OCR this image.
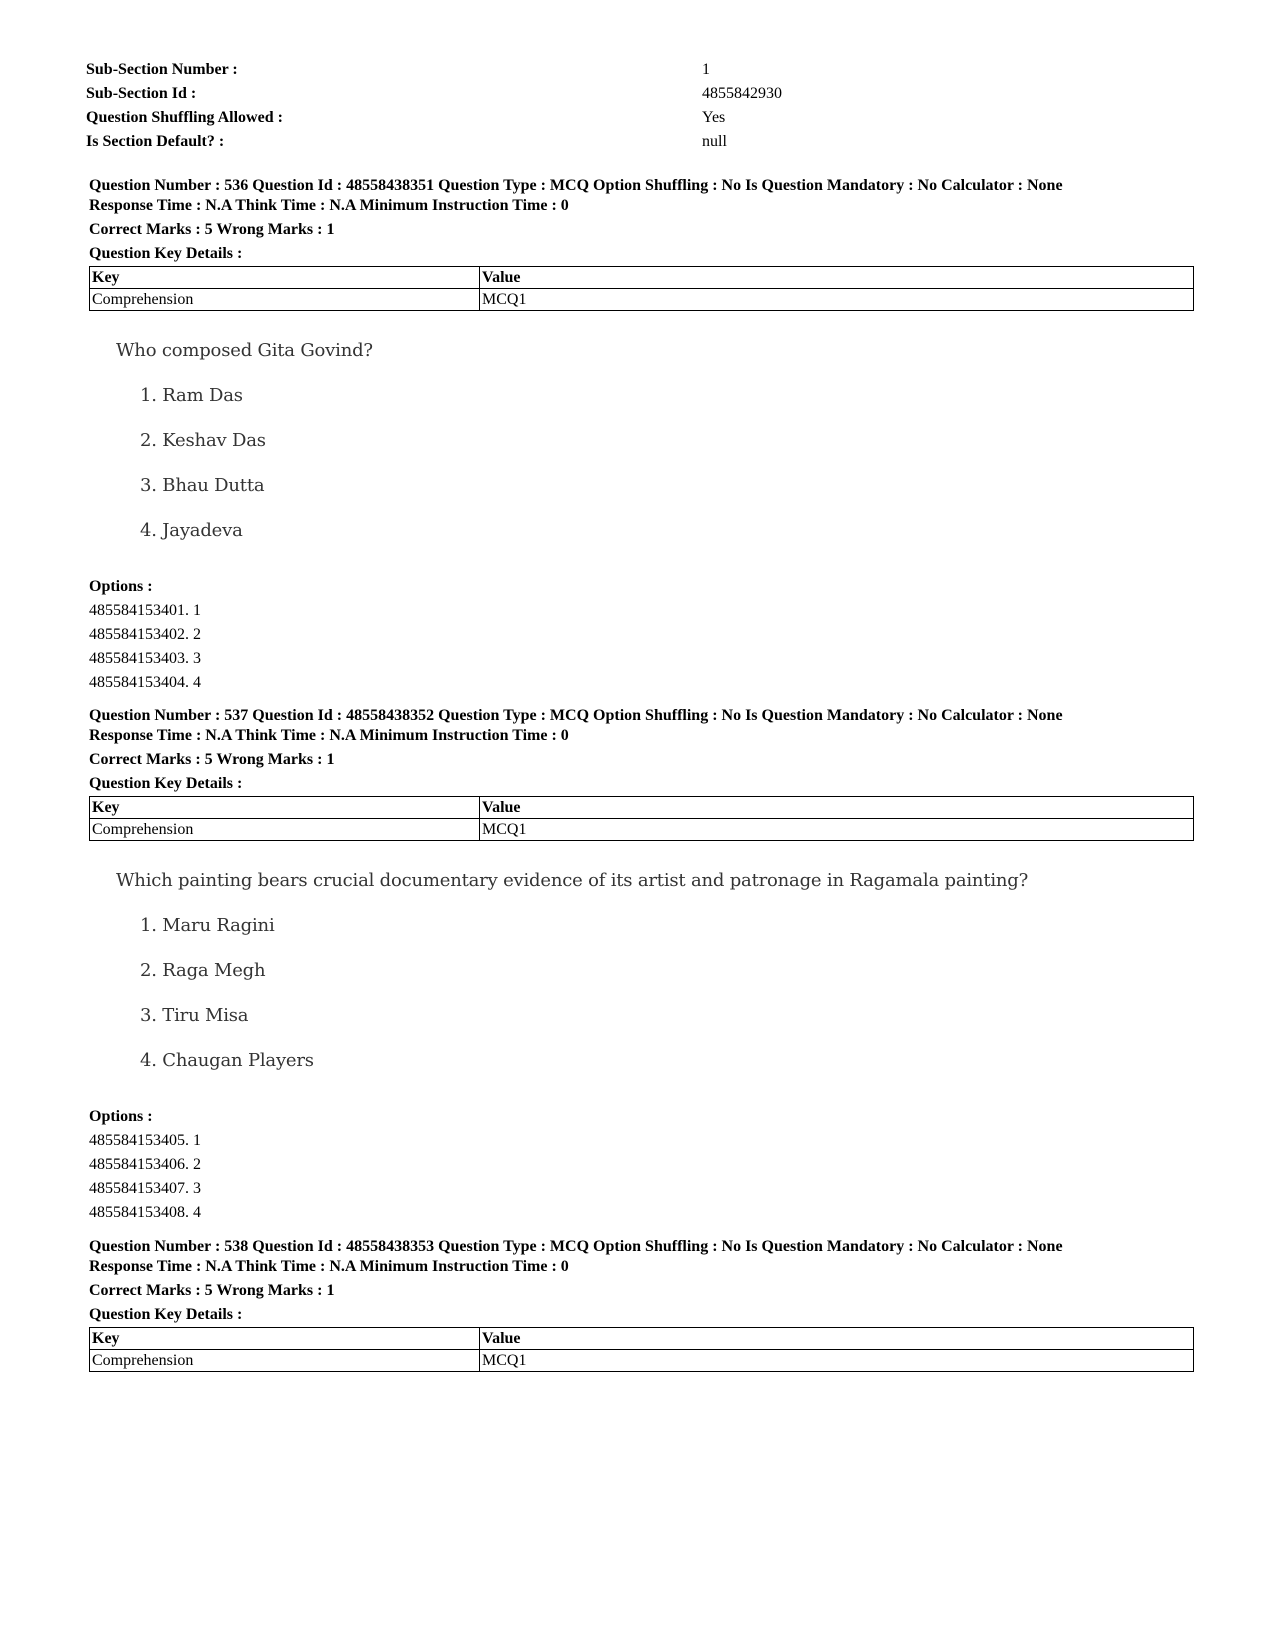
Sub-Section Number :	1
Sub-Section Id :	4855842930
Question Shuffling Allowed :	Yes
Is Section Default? :	null
Question Number : 536 Question Id : 48558438351 Question Type : MCQ Option Shuffling : No Is Question Mandatory : No Calculator : None
Response Time : N.A Think Time : N.A Minimum Instruction Time : 0
Correct Marks : 5 Wrong Marks : 1
Question Key Details :
Key	Value
Comprehension	MCQ1
Who composed Gita Govind?
1. Ram Das
2. Keshav Das
3. Bhau Dutta
4. Jayadeva
Options :
485584153401. 1
485584153402. 2
485584153403. 3
485584153404. 4
Question Number : 537 Question Id : 48558438352 Question Type : MCQ Option Shuffling : No Is Question Mandatory : No Calculator : None
Response Time : N.A Think Time : N.A Minimum Instruction Time : 0
Correct Marks : 5 Wrong Marks : 1
Question Key Details :
Key	Value
Comprehension	MCQ1
Which painting bears crucial documentary evidence of its artist and patronage in Ragamala painting?
1. Maru Ragini
2. Raga Megh
3. Tiru Misa
4. Chaugan Players
Options :
485584153405. 1
485584153406. 2
485584153407. 3
485584153408. 4
Question Number : 538 Question Id : 48558438353 Question Type : MCQ Option Shuffling : No Is Question Mandatory : No Calculator : None
Response Time : N.A Think Time : N.A Minimum Instruction Time : 0
Correct Marks : 5 Wrong Marks : 1
Question Key Details :
Key	Value
Comprehension	MCQ1
